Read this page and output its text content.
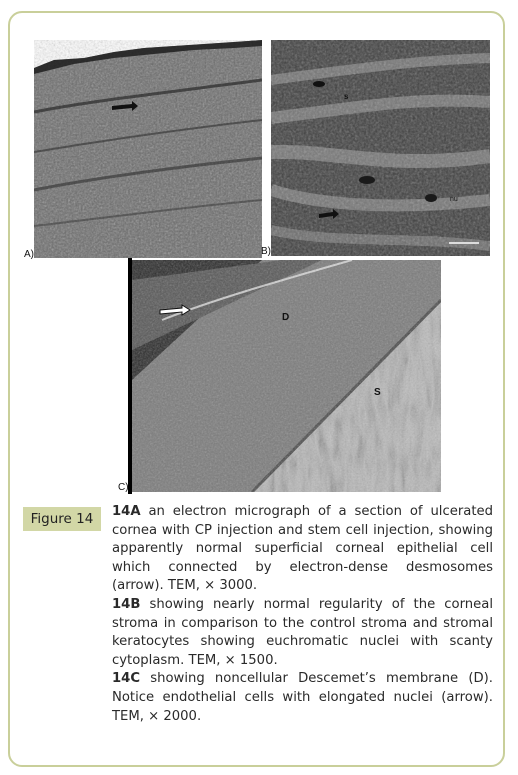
A)
s
nu
B)
D
S
C)
Figure 14	14A an electron micrograph of a section of ulcerated cornea with CP injection and stem cell injection, showing apparently normal superficial corneal epithelial cell which connected by electron-dense desmosomes (arrow). TEM, × 3000.

14B showing nearly normal regularity of the corneal stroma in comparison to the control stroma and stromal keratocytes showing euchromatic nuclei with scanty cytoplasm. TEM, × 1500.

14C showing noncellular Descemet’s membrane (D). Notice endothelial cells with elongated nuclei (arrow). TEM, × 2000.
